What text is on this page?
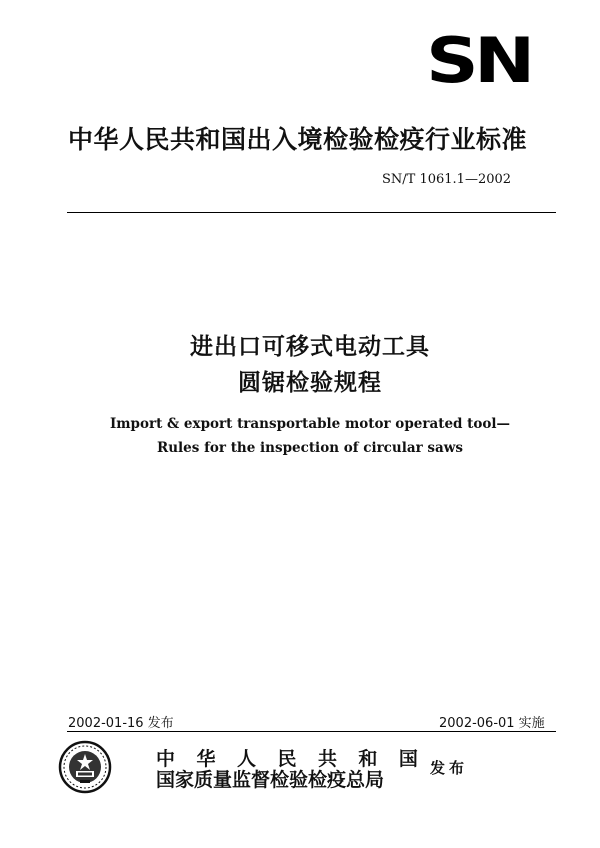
SN
中华人民共和国出入境检验检疫行业标准
SN/T 1061.1—2002
进出口可移式电动工具
圆锯检验规程
Import & export transportable motor operated tool—
Rules for the inspection of circular saws
2002-01-16 发布	2002-06-01 实施
中 华 人 民 共 和 国
国家质量监督检验检疫总局
发布
